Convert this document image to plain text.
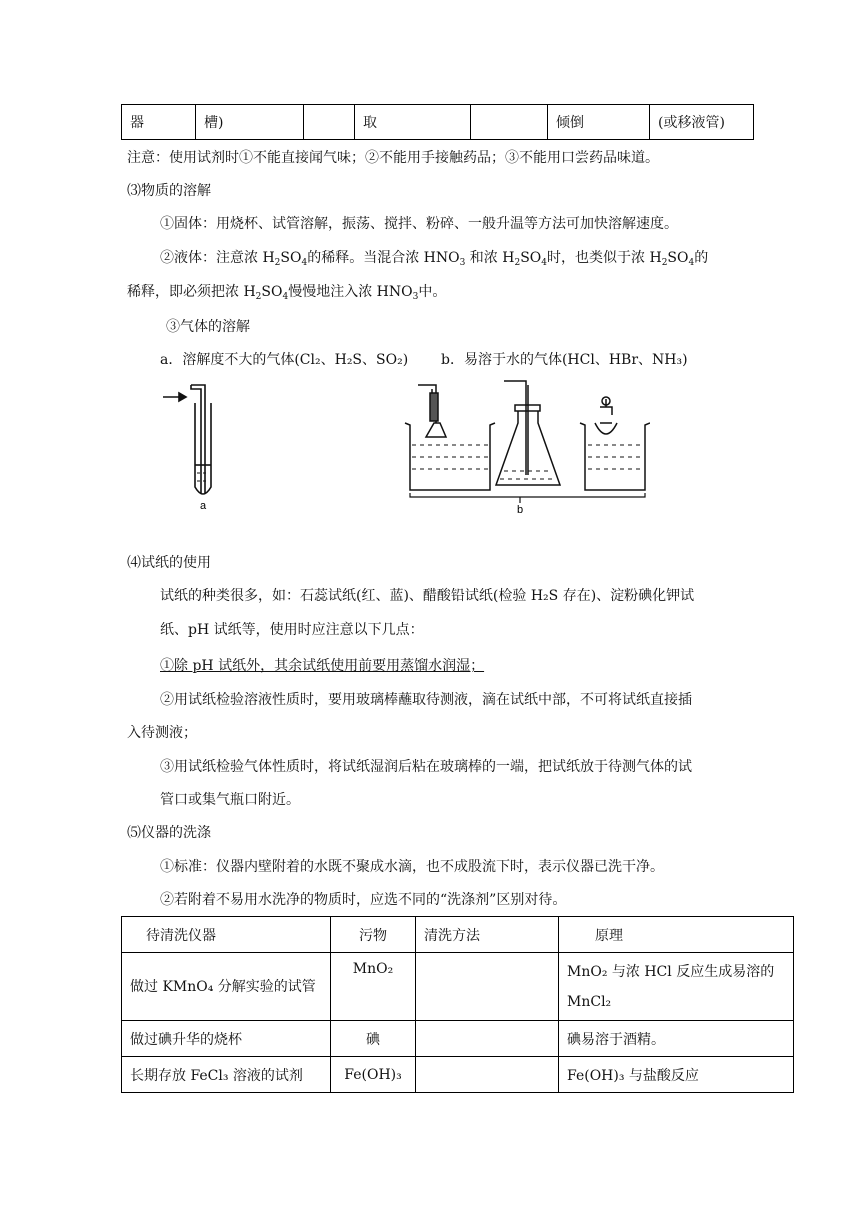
器	槽)		取		倾倒	(或移液管)
注意：使用试剂时①不能直接闻气味；②不能用手接触药品；③不能用口尝药品味道。
⑶物质的溶解
①固体：用烧杯、试管溶解，振荡、搅拌、粉碎、一般升温等方法可加快溶解速度。
②液体：注意浓 $H_2SO_4$的稀释。当混合浓 $HNO_3$ 和浓 $H_2SO_4$时，也类似于浓 $H_2SO_4$的
稀释，即必须把浓 $H_2SO_4$慢慢地注入浓 $HNO_3$中。
③气体的溶解
a．溶解度不大的气体(Cl₂、H₂S、SO₂) b．易溶于水的气体(HCl、HBr、NH₃)
a	b
⑷试纸的使用
试纸的种类很多，如：石蕊试纸(红、蓝)、醋酸铅试纸(检验 H₂S 存在)、淀粉碘化钾试
纸、pH 试纸等，使用时应注意以下几点：
①除 pH 试纸外，其余试纸使用前要用蒸馏水润湿；
②用试纸检验溶液性质时，要用玻璃棒蘸取待测液，滴在试纸中部，不可将试纸直接插
入待测液；
③用试纸检验气体性质时，将试纸湿润后粘在玻璃棒的一端，把试纸放于待测气体的试
管口或集气瓶口附近。
⑸仪器的洗涤
①标准：仪器内壁附着的水既不聚成水滴，也不成股流下时，表示仪器已洗干净。
②若附着不易用水洗净的物质时，应选不同的“洗涤剂”区别对待。
待清洗仪器	污物	清洗方法	原理
做过 KMnO₄ 分解实验的试管	MnO₂		MnO₂ 与浓 HCl 反应生成易溶的 MnCl₂
做过碘升华的烧杯	碘		碘易溶于酒精。
长期存放 FeCl₃ 溶液的试剂	Fe(OH)₃		Fe(OH)₃ 与盐酸反应
